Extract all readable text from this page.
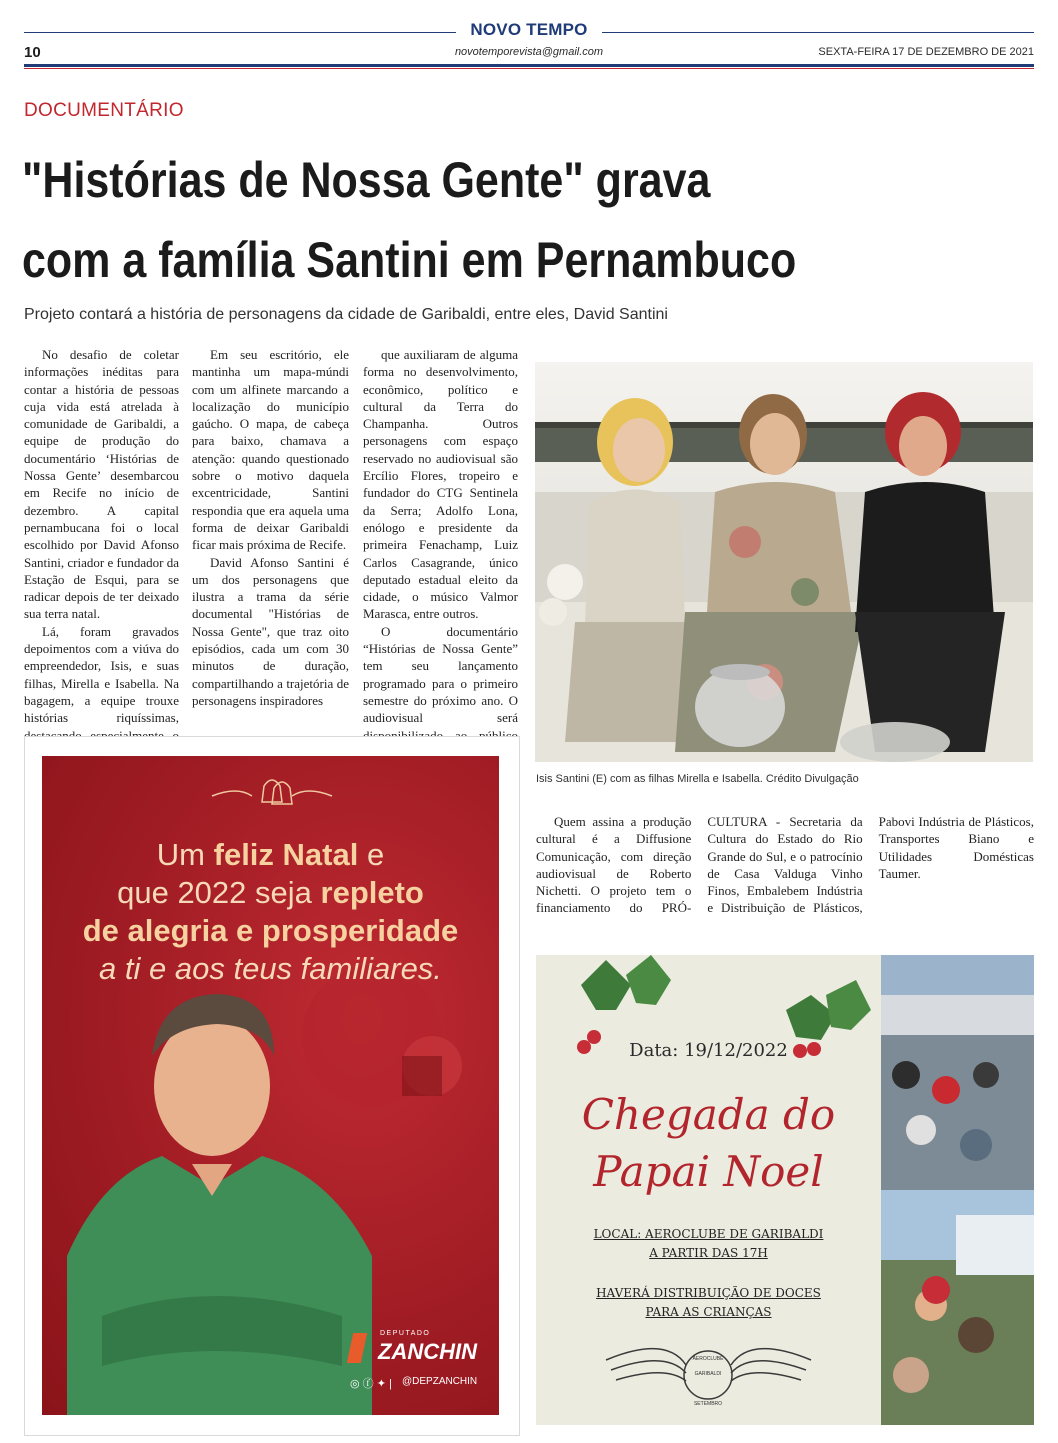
NOVO TEMPO
10	novotemporevista@gmail.com	SEXTA-FEIRA 17 DE DEZEMBRO DE 2021
DOCUMENTÁRIO
"Histórias de Nossa Gente" grava
com a família Santini em Pernambuco
Projeto contará a história de personagens da cidade de Garibaldi, entre eles, David Santini

No desafio de coletar informações inéditas para contar a história de pessoas cuja vida está atrelada à comunidade de Garibaldi, a equipe de produção do documentário ‘Histórias de Nossa Gente’ desembarcou em Recife no início de dezembro. A capital pernambucana foi o local escolhido por David Afonso Santini, criador e fundador da Estação de Esqui, para se radicar depois de ter deixado sua terra natal.

Lá, foram gravados depoimentos com a viúva do empreendedor, Isis, e suas filhas, Mirella e Isabella. Na bagagem, a equipe trouxe histórias riquíssimas,

Em seu escritório, ele mantinha um mapa-múndi com um alfinete marcando a localização do município gaúcho. O mapa, de cabeça para baixo, chamava a atenção: quando questionado sobre o motivo daquela excentricidade, Santini respondia que era aquela uma forma de deixar Garibaldi ficar mais próxima de Recife.

David Afonso Santini é um dos personagens que ilustra a trama da série documental "Histórias de Nossa Gente", que traz oito episódios, cada um com 30 minutos de duração, compartilhando a trajetória de personagens inspiradores

que auxiliaram de alguma forma no desenvolvimento, econômico, político e cultural da Terra do Champanha. Outros personagens com espaço reservado no audiovisual são Ercílio Flores, tropeiro e fundador do CTG Sentinela da Serra; Adolfo Lona, enólogo e presidente da primeira Fenachamp, Luiz Carlos Casagrande, único deputado estadual eleito da cidade, o músico Valmor Marasca, entre outros.

O documentário “Histórias de Nossa Gente” tem seu lançamento programado para o primeiro semestre do próximo ano. O audiovisual será

Quem assina a produção cultural é a Diffusione Comunicação, com direção audiovisual de Roberto Nichetti. O projeto tem o financiamento do PRÓ-CULTURA - Secretaria da Cultura do Estado do Rio Grande do Sul, e o patrocínio de Casa Valduga Vinho Finos, Embalebem Indústria e Distribuição de Plásticos, Pabovi Indústria de Plásticos, Transportes Biano e Utilidades Domésticas Taumer.

Isis Santini (E) com as filhas Mirella e Isabella. Crédito Divulgação
Um feliz Natal e
que 2022 seja repleto
de alegria e prosperidade
a ti e aos teus familiares.
DEPUTADO
ZANCHIN
◎ ⓕ ✦ | @DEPZANCHIN
Data: 19/12/2022
Chegada do
Papai Noel
LOCAL: AEROCLUBE DE GARIBALDI
A PARTIR DAS 17H
HAVERÁ DISTRIBUIÇÃO DE DOCES
PARA AS CRIANÇAS
AEROCLUBE
GARIBALDI
SETEMBRO
